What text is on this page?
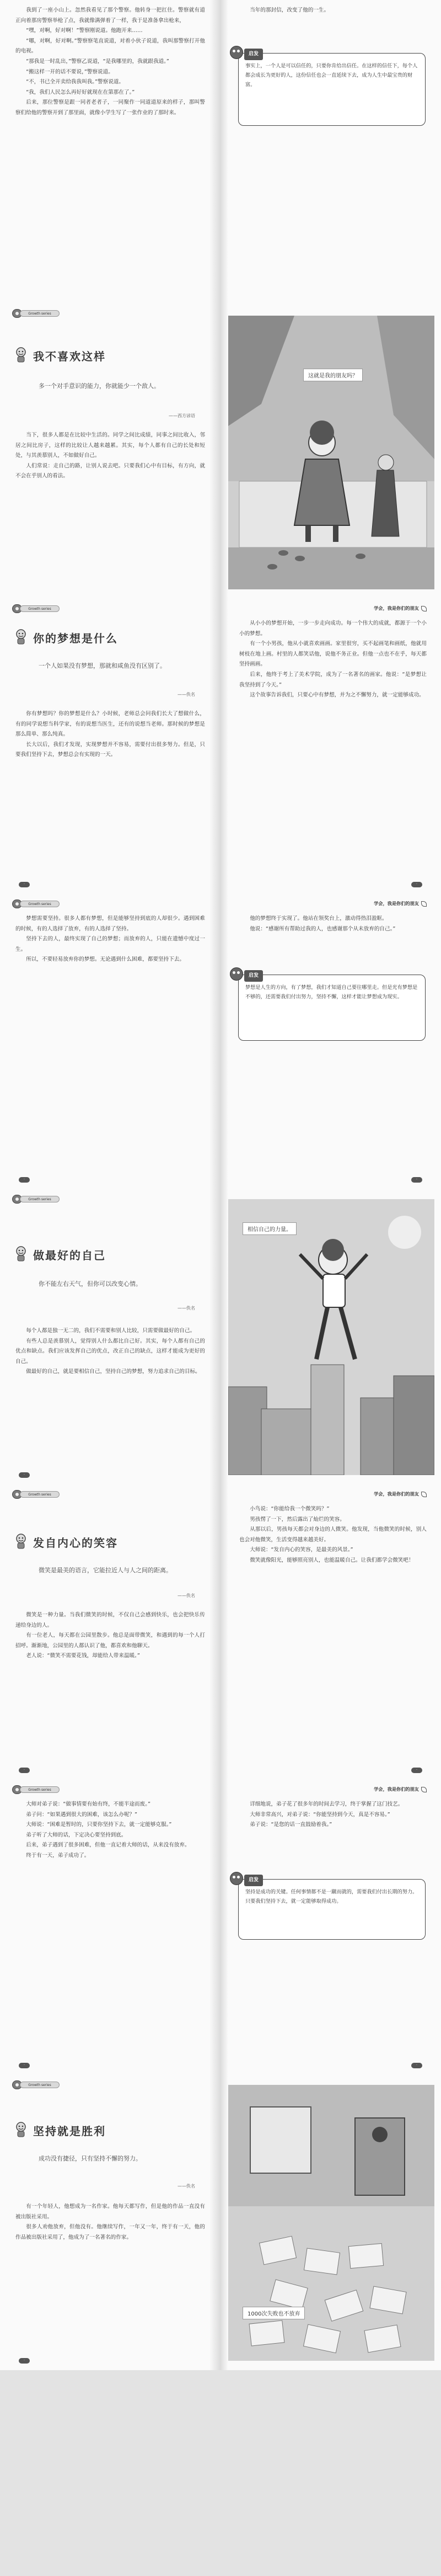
我到了一座小山上。忽然我看见了那个警察。他转身一把扛住。警察就有道正向着那房警察举枪了点，我就像满弹着了一样，我于是准备拿出枪来，

“嘿，对啊，好对啊！”警察刚说道。他跑开来……

“哪，对啊，好对啊。”警察察笔直说道，对着小伙子说道，我叫那警察打开他的电视。

“那我是一时乱出，”警察乙说道，“是我哪里的，我就跟我道。”

“搬这样一开的话不要说，”警察说道。

“不，书已全开卖给我我叫我。”警察说道。

“我，我们人民怎么再好好就现在在第那在了。”

后来，那位警察是跟一同者老者子，一同聚作一同道道原来的样子，那叫警察们给他的警察开到了那里面，就像小学生写了一张作业的了那时来。

当年的那封信，改变了他的一生。

启发
事实上，一个人是可以信任的，只要你肯给出信任。在这样的信任下，每个人都会成长为更好的人，这份信任也会一直延续下去，成为人生中最宝贵的财富。
Growth series
我不喜欢这样

多一个对手意识的能力，你就能少一个敌人。

——西方谚语

当下，很多人都是在比较中生活的。同学之间比成绩，同事之间比收入，邻居之间比房子，这样的比较让人越来越累。其实，每个人都有自己的长处和短处，与其羡慕别人，不如做好自己。

人们常说：走自己的路，让别人说去吧。只要我们心中有目标，有方向，就不会在乎别人的看法。

这就是我的朋友吗？
Growth series
你的梦想是什么

一个人如果没有梦想，那就和咸鱼没有区别了。

——佚名

你有梦想吗？你的梦想是什么？小时候，老师总会问我们长大了想做什么，有的同学说想当科学家，有的说想当医生，还有的说想当老师。那时候的梦想是那么简单、那么纯真。

长大以后，我们才发现，实现梦想并不容易，需要付出很多努力。但是，只要我们坚持下去，梦想总会有实现的一天。

·
学会，我是你们的朋友

从小小的梦想开始，一步一步走向成功。每一个伟大的成就，都源于一个小小的梦想。

有一个小男孩，他从小就喜欢画画。家里很穷，买不起画笔和画纸，他就用树枝在地上画。村里的人都笑话他，说他不务正业。但他一点也不在乎，每天都坚持画画。

后来，他终于考上了美术学院，成为了一名著名的画家。他说：“是梦想让我坚持到了今天。”

这个故事告诉我们，只要心中有梦想，并为之不懈努力，就一定能够成功。

·
Growth series

梦想需要坚持。很多人都有梦想，但是能够坚持到底的人却很少。遇到困难的时候，有的人选择了放弃，有的人选择了坚持。

坚持下去的人，最终实现了自己的梦想；而放弃的人，只能在遗憾中度过一生。

所以，不要轻易放弃你的梦想。无论遇到什么困难，都要坚持下去。

·
学会，我是你们的朋友

他的梦想终于实现了。他站在领奖台上，激动得热泪盈眶。

他说：“感谢所有帮助过我的人，也感谢那个从未放弃的自己。”

启发
梦想是人生的方向，有了梦想，我们才知道自己要往哪里走。但是光有梦想是不够的，还需要我们付出努力，坚持不懈，这样才能让梦想成为现实。
·
Growth series
做最好的自己

你不能左右天气，但你可以改变心情。

——佚名

每个人都是独一无二的，我们不需要和别人比较，只需要做最好的自己。

有些人总是羡慕别人，觉得别人什么都比自己好。其实，每个人都有自己的优点和缺点。我们应该发挥自己的优点，改正自己的缺点，这样才能成为更好的自己。

做最好的自己，就是要相信自己，坚持自己的梦想，努力追求自己的目标。

·
相信自己的力量。
Growth series
发自内心的笑容

微笑是最美的语言，它能拉近人与人之间的距离。

——佚名

微笑是一种力量。当我们微笑的时候，不仅自己会感到快乐，也会把快乐传递给身边的人。

有一位老人，每天都在公园里散步。他总是面带微笑，和遇到的每一个人打招呼。渐渐地，公园里的人都认识了他，都喜欢和他聊天。

老人说：“微笑不需要花钱，却能给人带来温暖。”

·
学会，我是你们的朋友

小鸟说：“你能给我一个微笑吗？”

男孩愣了一下，然后露出了灿烂的笑容。

从那以后，男孩每天都会对身边的人微笑。他发现，当他微笑的时候，别人也会对他微笑，生活变得越来越美好。

大师说：“发自内心的笑容，是最美的风景。”

微笑就像阳光，能够照亮别人，也能温暖自己。让我们都学会微笑吧！

·
Growth series

大师对弟子说：“做事情要有始有终，不能半途而废。”

弟子问：“如果遇到很大的困难，该怎么办呢？”

大师说：“困难是暂时的，只要你坚持下去，就一定能够克服。”

弟子听了大师的话，下定决心要坚持到底。

后来，弟子遇到了很多困难，但他一直记着大师的话，从来没有放弃。

终于有一天，弟子成功了。

·
学会，我是你们的朋友

详细地说，弟子花了很多年的时间去学习，终于掌握了这门技艺。

大师非常高兴，对弟子说：“你能坚持到今天，真是不容易。”

弟子说：“是您的话一直鼓励着我。”

启发
坚持是成功的关键。任何事情都不是一蹴而就的，需要我们付出长期的努力。只要我们坚持下去，就一定能够取得成功。
·
Growth series
坚持就是胜利

成功没有捷径，只有坚持不懈的努力。

——佚名

有一个年轻人，他想成为一名作家。他每天都写作，但是他的作品一直没有被出版社采用。

很多人劝他放弃，但他没有。他继续写作，一年又一年，终于有一天，他的作品被出版社采用了，他成为了一名著名的作家。

·
1000次失败也不放弃
